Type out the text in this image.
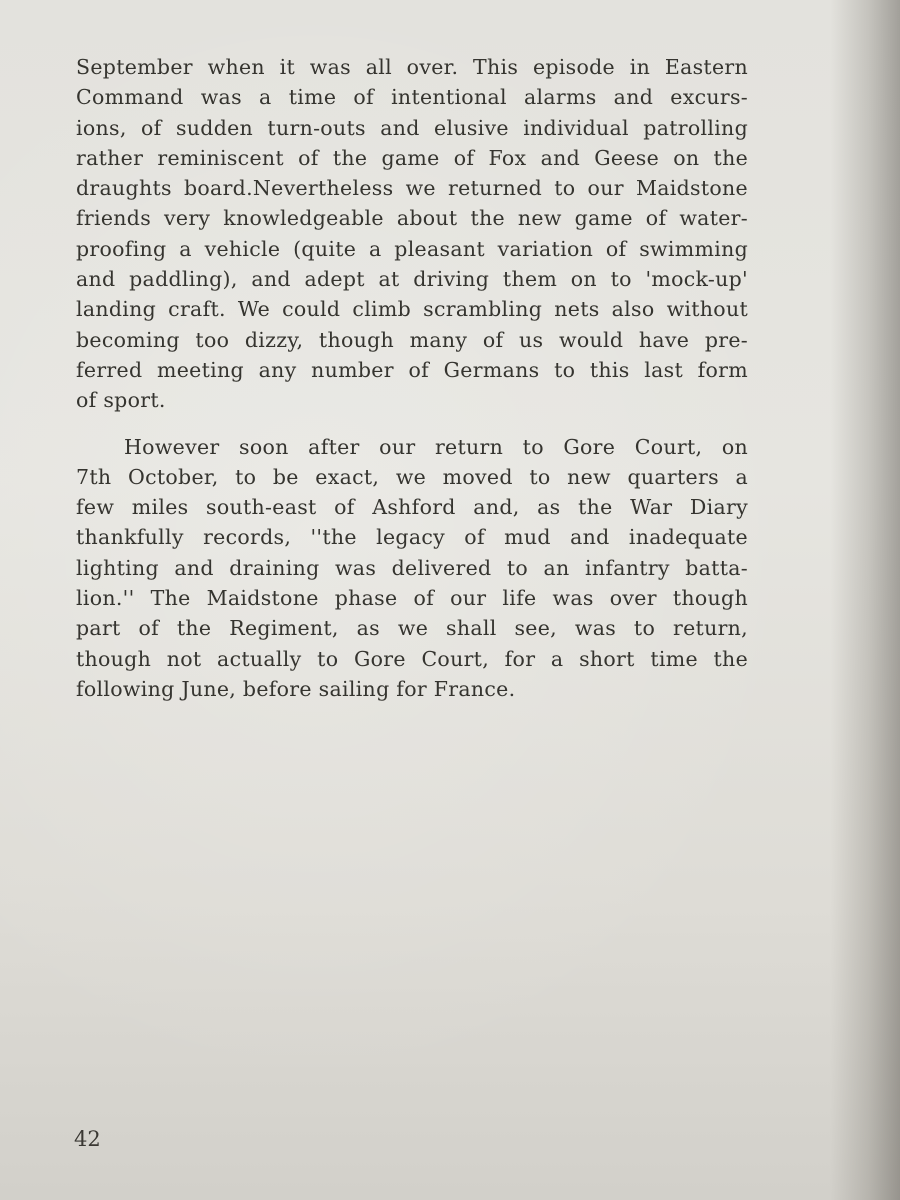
September when it was all over. This episode in Eastern
Command was a time of intentional alarms and excurs-
ions, of sudden turn-outs and elusive individual patrolling
rather reminiscent of the game of Fox and Geese on the
draughts board.Nevertheless we returned to our Maidstone
friends very knowledgeable about the new game of water-
proofing a vehicle (quite a pleasant variation of swimming
and paddling), and adept at driving them on to 'mock-up'
landing craft. We could climb scrambling nets also without
becoming too dizzy, though many of us would have pre-
ferred meeting any number of Germans to this last form
of sport.
However soon after our return to Gore Court, on
7th October, to be exact, we moved to new quarters a
few miles south-east of Ashford and, as the War Diary
thankfully records, ''the legacy of mud and inadequate
lighting and draining was delivered to an infantry batta-
lion.'' The Maidstone phase of our life was over though
part of the Regiment, as we shall see, was to return,
though not actually to Gore Court, for a short time the
following June, before sailing for France.
42
